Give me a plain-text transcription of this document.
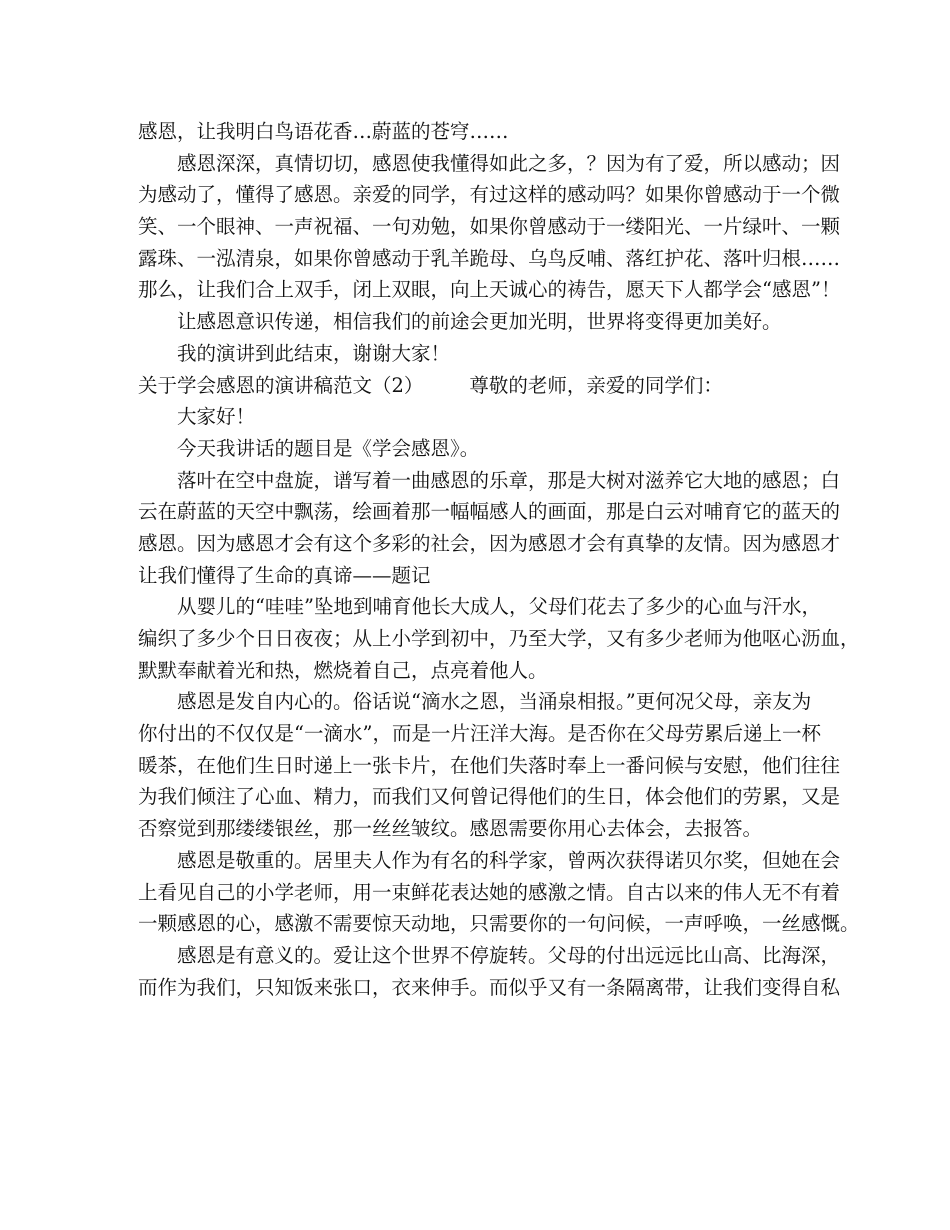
感恩，让我明白鸟语花香…蔚蓝的苍穹……
感恩深深，真情切切，感恩使我懂得如此之多，？因为有了爱，所以感动；因
为感动了，懂得了感恩。亲爱的同学，有过这样的感动吗？如果你曾感动于一个微
笑、一个眼神、一声祝福、一句劝勉，如果你曾感动于一缕阳光、一片绿叶、一颗
露珠、一泓清泉，如果你曾感动于乳羊跪母、乌鸟反哺、落红护花、落叶归根……
那么，让我们合上双手，闭上双眼，向上天诚心的祷告，愿天下人都学会“感恩”！
让感恩意识传递，相信我们的前途会更加光明，世界将变得更加美好。
我的演讲到此结束，谢谢大家！
关于学会感恩的演讲稿范文（2） 尊敬的老师，亲爱的同学们：
大家好！
今天我讲话的题目是《学会感恩》。
落叶在空中盘旋，谱写着一曲感恩的乐章，那是大树对滋养它大地的感恩；白
云在蔚蓝的天空中飘荡，绘画着那一幅幅感人的画面，那是白云对哺育它的蓝天的
感恩。因为感恩才会有这个多彩的社会，因为感恩才会有真挚的友情。因为感恩才
让我们懂得了生命的真谛——题记
从婴儿的“哇哇”坠地到哺育他长大成人，父母们花去了多少的心血与汗水，
编织了多少个日日夜夜；从上小学到初中，乃至大学，又有多少老师为他呕心沥血，
默默奉献着光和热，燃烧着自己，点亮着他人。
感恩是发自内心的。俗话说“滴水之恩，当涌泉相报。”更何况父母，亲友为
你付出的不仅仅是“一滴水”，而是一片汪洋大海。是否你在父母劳累后递上一杯
暖茶，在他们生日时递上一张卡片，在他们失落时奉上一番问候与安慰，他们往往
为我们倾注了心血、精力，而我们又何曾记得他们的生日，体会他们的劳累，又是
否察觉到那缕缕银丝，那一丝丝皱纹。感恩需要你用心去体会，去报答。
感恩是敬重的。居里夫人作为有名的科学家，曾两次获得诺贝尔奖，但她在会
上看见自己的小学老师，用一束鲜花表达她的感激之情。自古以来的伟人无不有着
一颗感恩的心，感激不需要惊天动地，只需要你的一句问候，一声呼唤，一丝感慨。
感恩是有意义的。爱让这个世界不停旋转。父母的付出远远比山高、比海深，
而作为我们，只知饭来张口，衣来伸手。而似乎又有一条隔离带，让我们变得自私
